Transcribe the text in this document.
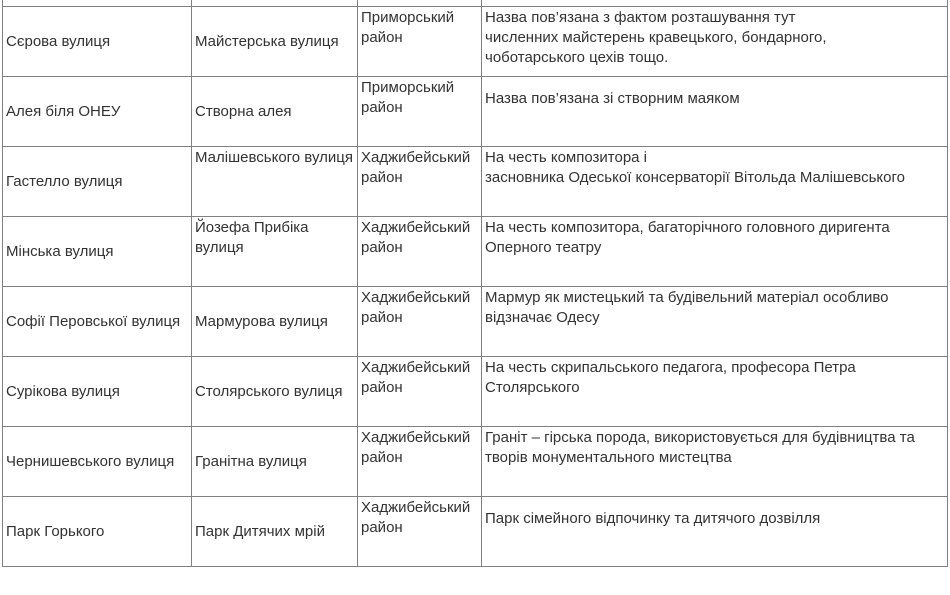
Сєрова вулиця	Майстерська вулиця	Приморський район	Назва пов’язана з фактом розташування тут
численних майстерень кравецького, бондарного,
чоботарського цехів тощо.
Алея біля ОНЕУ	Створна алея	Приморський район	Назва пов’язана зі створним маяком
Гастелло вулиця	Малішевського вулиця	Хаджибейський район	На честь композитора і
засновника Одеської консерваторії Вітольда Малішевського
Мінська вулиця	Йозефа Прибіка вулиця	Хаджибейський район	На честь композитора, багаторічного головного диригента Оперного театру
Софії Перовської вулиця	Мармурова вулиця	Хаджибейський район	Мармур як мистецький та будівельний матеріал особливо відзначає Одесу
Сурікова вулиця	Столярського вулиця	Хаджибейський район	На честь скрипальського педагога, професора Петра Столярського
Чернишевського вулиця	Гранітна вулиця	Хаджибейський район	Граніт – гірська порода, використовується для будівництва та творів монументального мистецтва
Парк Горького	Парк Дитячих мрій	Хаджибейський район	Парк сімейного відпочинку та дитячого дозвілля
